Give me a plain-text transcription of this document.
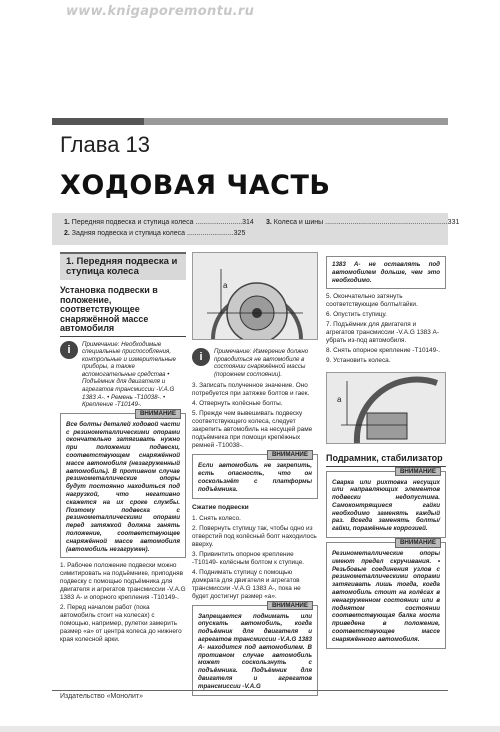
www.knigaporemontu.ru
Глава 13
ХОДОВАЯ ЧАСТЬ
1. Передняя подвеска и ступица колеса ........................314
2. Задняя подвеска и ступица колеса ........................325
3. Колеса и шины ...............................................................331
1. Передняя подвеска и ступица колеса
Установка подвески в положение, соответствующее снаряжённой массе автомобиля
i	Примечание: Необходимые специальные приспособления, контрольные и измерительные приборы, а также вспомогательные средства • Подъёмник для двигателя и агрегатов трансмиссии -V.A.G 1383 А-. • Ремень -Т10038-. • Крепление -Т10149-.
ВНИМАНИЕ
Все болты деталей ходовой части с резинометаллическими опорами окончательно затягивать нужно при положении подвески, соответствующем снаряжённой массе автомобиля (незагруженный автомобиль). В противном случае резинометаллические опоры будут постоянно находиться под нагрузкой, что негативно скажется на их сроке службы. Поэтому подвеска с резинометаллическими опорами перед затяжкой должна занять положение, соответствующее снаряжённой массе автомобиля (автомобиль незагружен).

1. Рабочее положение подвески можно симитировать на подъёмнике, приподняв подвеску с помощью подъёмника для двигателя и агрегатов трансмиссии -V.A.G 1383 А- и опорного крепления -Т10149-.

2. Перед началом работ (пока автомобиль стоит на колесах) с помощью, например, рулетки замерить размер «а» от центра колеса до нижнего края колесной арки.

a
i	Примечание: Измерение должно проводиться не автомобиле в состоянии снаряжённой массы (порожнем состоянии).

3. Записать полученное значение. Оно потребуется при затяжке болтов и гаек.

4. Отвернуть колёсные болты.

5. Прежде чем вывешивать подвеску соответствующего колеса, следует закрепить автомобиль на несущей раме подъёмника при помощи крепёжных ремней -Т10038-.

ВНИМАНИЕ
Если автомобиль не закрепить, есть опасность, что он соскользнёт с платформы подъёмника.
Сжатие подвески

1. Снять колесо.

2. Повернуть ступицу так, чтобы одно из отверстий под колёсный болт находилось вверху.

3. Привинтить опорное крепление -Т10149- колёсным болтом к ступице.

4. Поднимать ступицу с помощью домкрата для двигателя и агрегатов трансмиссии -V.A.G 1383 А-, пока не будет достигнут размер «а».

ВНИМАНИЕ
Запрещается поднимать или опускать автомобиль, когда подъёмник для двигателя и агрегатов трансмиссии -V.A.G 1383 А- находится под автомобилем. В противном случае автомобиль может соскользнуть с подъёмника. Подъёмник для двигателя и агрегатов трансмиссии -V.A.G
1383 А- не оставлять под автомобилем дольше, чем это необходимо.

5. Окончательно затянуть соответствующие болты/гайки.

6. Опустить ступицу.

7. Подъёмник для двигателя и агрегатов трансмиссии -V.A.G 1383 А- убрать из-под автомобиля.

8. Снять опорное крепление -Т10149-.

9. Установить колеса.

a
Подрамник, стабилизатор
ВНИМАНИЕ
Сварка или рихтовка несущих или направляющих элементов подвески недопустима. Самоконтрящиеся гайки необходимо заменять каждый раз. Всегда заменять болты/гайки, поражённые коррозией.
ВНИМАНИЕ
Резинометаллические опоры имеют предел скручивания. • Резьбовые соединения узлов с резинометаллическими опорами затягивать лишь тогда, когда автомобиль стоит на колёсах в ненагруженном состоянии или в поднятом состоянии соответствующая балка моста приведена в положение, соответствующее массе снаряжённого автомобиля.
Издательство «Монолит»
